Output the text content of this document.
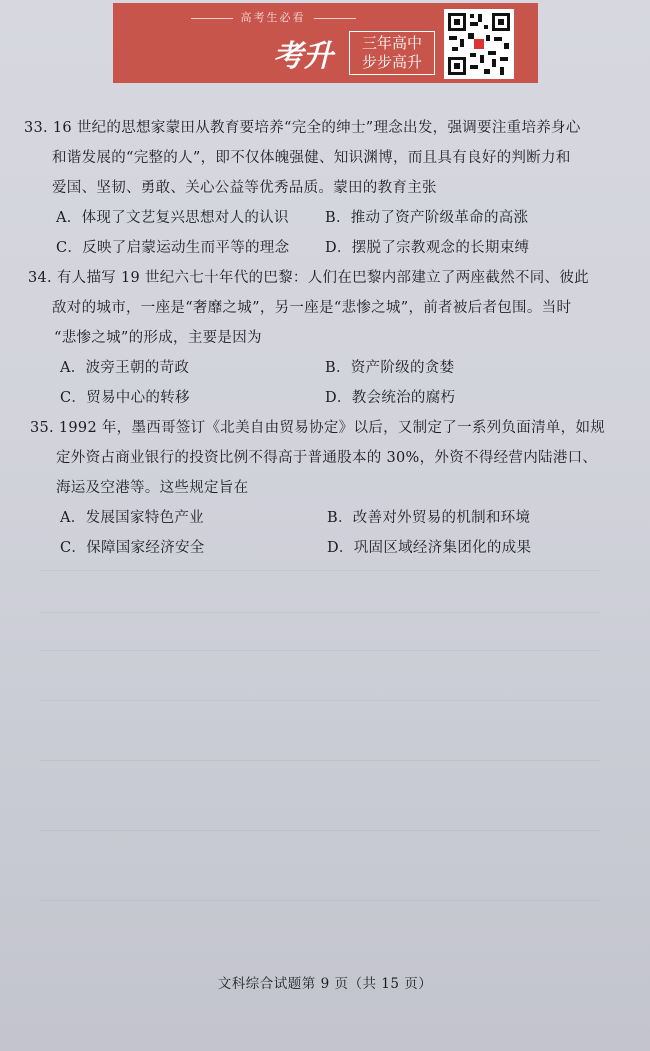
高考生必看
考升	三年高中
步步高升
33. 16 世纪的思想家蒙田从教育要培养“完全的绅士”理念出发，强调要注重培养身心
和谐发展的“完整的人”，即不仅体魄强健、知识渊博，而且具有良好的判断力和
爱国、坚韧、勇敢、关心公益等优秀品质。蒙田的教育主张
A．体现了文艺复兴思想对人的认识 B．推动了资产阶级革命的高涨
C．反映了启蒙运动生而平等的理念 D．摆脱了宗教观念的长期束缚
34. 有人描写 19 世纪六七十年代的巴黎：人们在巴黎内部建立了两座截然不同、彼此
敌对的城市，一座是“奢靡之城”，另一座是“悲惨之城”，前者被后者包围。当时
“悲惨之城”的形成，主要是因为
A．波旁王朝的苛政	B．资产阶级的贪婪
C．贸易中心的转移	D．教会统治的腐朽
35. 1992 年，墨西哥签订《北美自由贸易协定》以后，又制定了一系列负面清单，如规
定外资占商业银行的投资比例不得高于普通股本的 30%，外资不得经营内陆港口、
海运及空港等。这些规定旨在
A．发展国家特色产业	B．改善对外贸易的机制和环境
C．保障国家经济安全	D．巩固区域经济集团化的成果
文科综合试题第 9 页（共 15 页）
